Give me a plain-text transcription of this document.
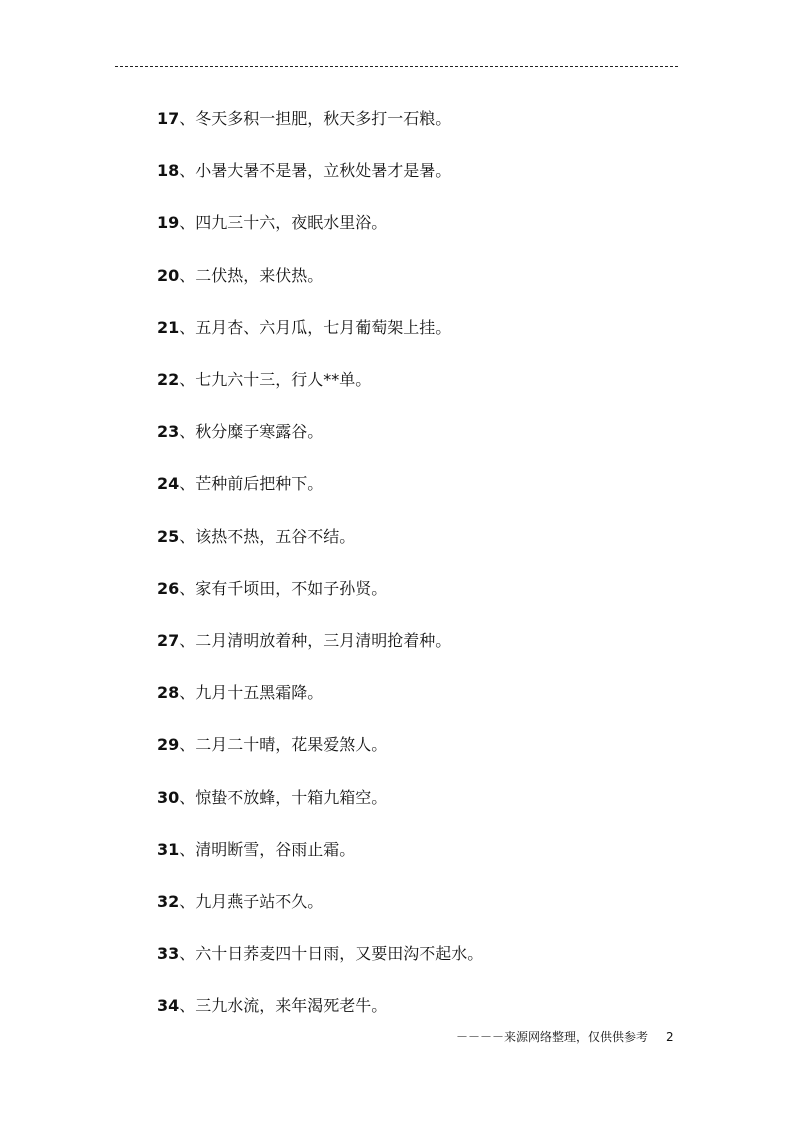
17、冬天多积一担肥，秋天多打一石粮。
18、小暑大暑不是暑，立秋处暑才是暑。
19、四九三十六，夜眠水里浴。
20、二伏热，来伏热。
21、五月杏、六月瓜，七月葡萄架上挂。
22、七九六十三，行人**单。
23、秋分糜子寒露谷。
24、芒种前后把种下。
25、该热不热，五谷不结。
26、家有千顷田，不如子孙贤。
27、二月清明放着种，三月清明抢着种。
28、九月十五黑霜降。
29、二月二十晴，花果爱煞人。
30、惊蛰不放蜂，十箱九箱空。
31、清明断雪，谷雨止霜。
32、九月燕子站不久。
33、六十日荞麦四十日雨，又要田沟不起水。
34、三九水流，来年渴死老牛。
－－－－来源网络整理，仅供供参考 2
